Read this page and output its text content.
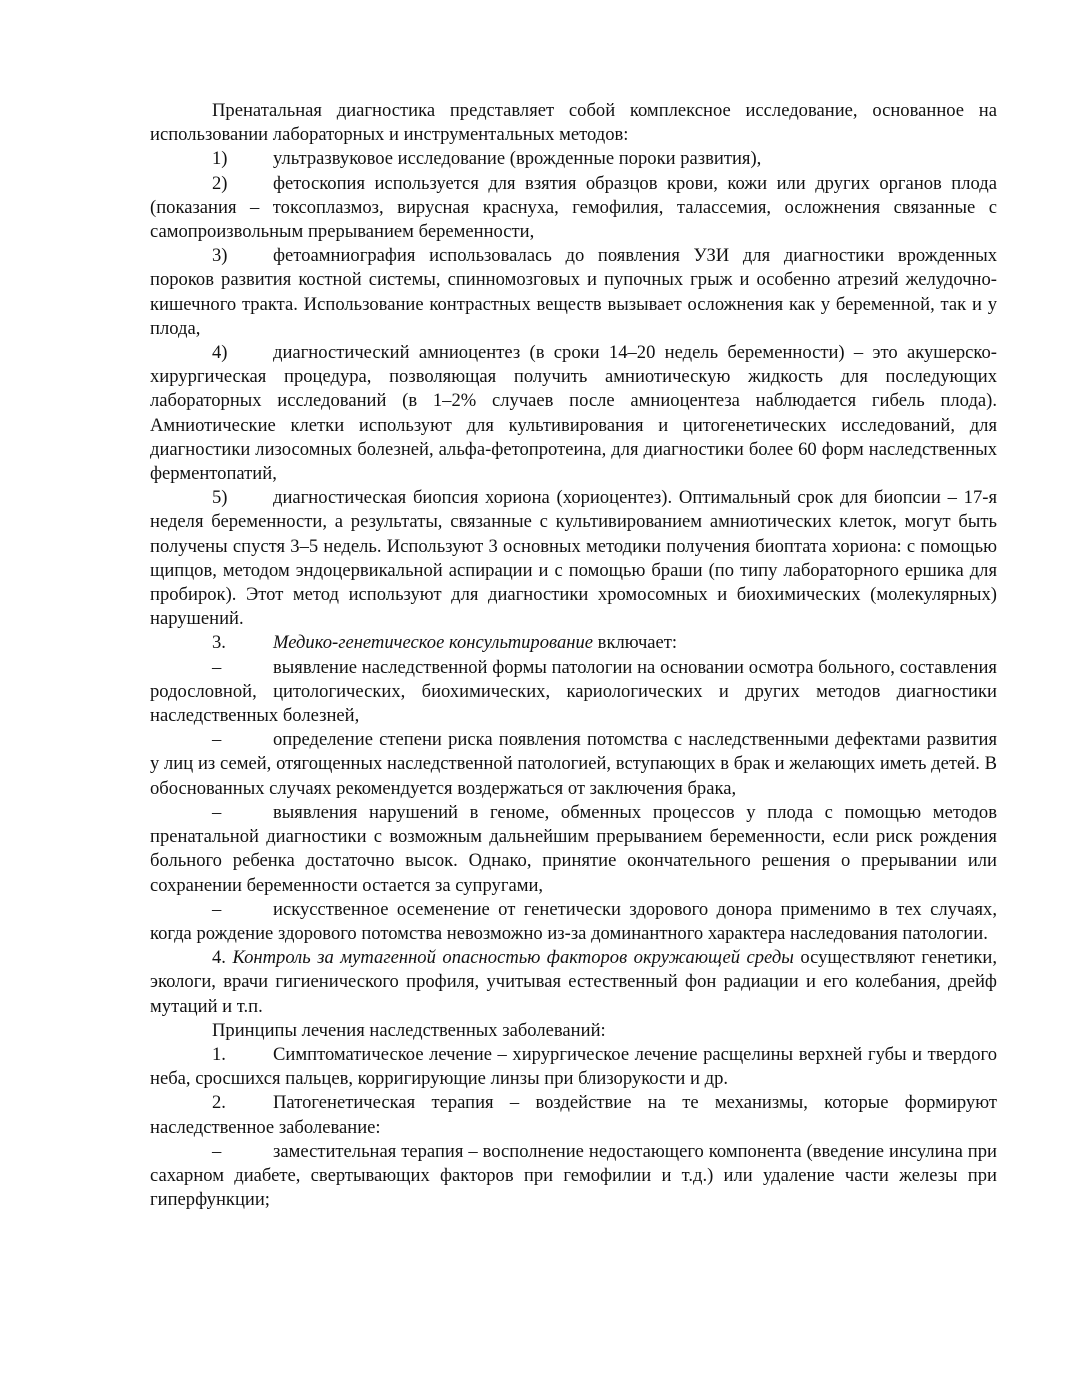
Пренатальная диагностика представляет собой комплексное исследование, основанное на использовании лабораторных и инструментальных методов:

1) ультразвуковое исследование (врожденные пороки развития),

2) фетоскопия используется для взятия образцов крови, кожи или других органов плода (показания – токсоплазмоз, вирусная краснуха, гемофилия, талассемия, осложнения связанные с самопроизвольным прерыванием беременности,

3) фетоамниография использовалась до появления УЗИ для диагностики врожденных пороков развития костной системы, спинномозговых и пупочных грыж и особенно атрезий желудочно-кишечного тракта. Использование контрастных веществ вызывает осложнения как у беременной, так и у плода,

4) диагностический амниоцентез (в сроки 14–20 недель беременности) – это акушерско-хирургическая процедура, позволяющая получить амниотическую жидкость для последующих лабораторных исследований (в 1–2% случаев после амниоцентеза наблюдается гибель плода). Амниотические клетки используют для культивирования и цитогенетических исследований, для диагностики лизосомных болезней, альфа-фетопротеина, для диагностики более 60 форм наследственных ферментопатий,

5) диагностическая биопсия хориона (хориоцентез). Оптимальный срок для биопсии – 17-я неделя беременности, а результаты, связанные с культивированием амниотических клеток, могут быть получены спустя 3–5 недель. Используют 3 основных методики получения биоптата хориона: с помощью щипцов, методом эндоцервикальной аспирации и с помощью браши (по типу лабораторного ершика для пробирок). Этот метод используют для диагностики хромосомных и биохимических (молекулярных) нарушений.

3.	Медико-генетическое консультирование включает:

–	выявление наследственной формы патологии на основании осмотра больного, составления родословной, цитологических, биохимических, кариологических и других методов диагностики наследственных болезней,

–	определение степени риска появления потомства с наследственными дефектами развития у лиц из семей, отягощенных наследственной патологией, вступающих в брак и желающих иметь детей. В обоснованных случаях рекомендуется воздержаться от заключения брака,

–	выявления нарушений в геноме, обменных процессов у плода с помощью методов пренатальной диагностики с возможным дальнейшим прерыванием беременности, если риск рождения больного ребенка достаточно высок. Однако, принятие окончательного решения о прерывании или сохранении беременности остается за супругами,

–	искусственное осеменение от генетически здорового донора применимо в тех случаях, когда рождение здорового потомства невозможно из-за доминантного характера наследования патологии.

4. Контроль за мутагенной опасностью факторов окружающей среды осуществляют генетики, экологи, врачи гигиенического профиля, учитывая естественный фон радиации и его колебания, дрейф мутаций и т.п.

Принципы лечения наследственных заболеваний:

1.	Симптоматическое лечение – хирургическое лечение расщелины верхней губы и твердого неба, сросшихся пальцев, корригирующие линзы при близорукости и др.

2.	Патогенетическая терапия – воздействие на те механизмы, которые формируют наследственное заболевание:

–	заместительная терапия – восполнение недостающего компонента (введение инсулина при сахарном диабете, свертывающих факторов при гемофилии и т.д.) или удаление части железы при гиперфункции;
